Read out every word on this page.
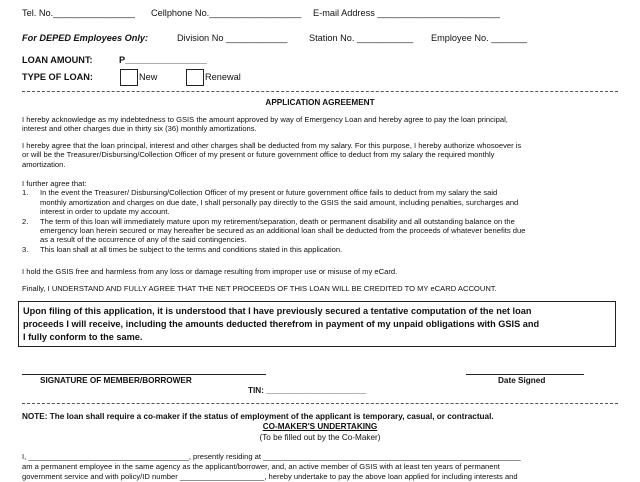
Tel. No.________________ Cellphone No.__________________ E-mail Address ________________________
For DEPED Employees Only:	Division No ____________ Station No. ___________ Employee No. _______
LOAN AMOUNT:	P________________
TYPE OF LOAN:	New	Renewal
APPLICATION AGREEMENT
I hereby acknowledge as my indebtedness to GSIS the amount approved by way of Emergency Loan and hereby agree to pay the loan principal,
interest and other charges due in thirty six (36) monthly amortizations.
I hereby agree that the loan principal, interest and other charges shall be deducted from my salary. For this purpose, I hereby authorize whosoever is
or will be the Treasurer/Disbursing/Collection Officer of my present or future government office to deduct from my salary the required monthly
amortization.
I further agree that:
1.	In the event the Treasurer/ Disbursing/Collection Officer of my present or future government office fails to deduct from my salary the said
monthly amortization and charges on due date, I shall personally pay directly to the GSIS the said amount, including penalties, surcharges and
interest in order to update my account.
2.	The term of this loan will immediately mature upon my retirement/separation, death or permanent disability and all outstanding balance on the
emergency loan herein secured or may hereafter be secured as an additional loan shall be deducted from the proceeds of whatever benefits due
as a result of the occurrence of any of the said contingencies.
3.	This loan shall at all times be subject to the terms and conditions stated in this application.
I hold the GSIS free and harmless from any loss or damage resulting from improper use or misuse of my eCard.
Finally, I UNDERSTAND AND FULLY AGREE THAT THE NET PROCEEDS OF THIS LOAN WILL BE CREDITED TO MY eCARD ACCOUNT.
Upon filing of this application, it is understood that I have previously secured a tentative computation of the net loan
proceeds I will receive, including the amounts deducted therefrom in payment of my unpaid obligations with GSIS and
I fully conform to the same.
SIGNATURE OF MEMBER/BORROWER	Date Signed
TIN: ______________________
NOTE: The loan shall require a co-maker if the status of employment of the applicant is temporary, casual, or contractual.
CO-MAKER'S UNDERTAKING
(To be filled out by the Co-Maker)
I, ______________________________________, presently residing at _____________________________________________________________
am a permanent employee in the same agency as the applicant/borrower, and, an active member of GSIS with at least ten years of permanent
government service and with policy/ID number ____________________, hereby undertake to pay the above loan applied for including interests and
